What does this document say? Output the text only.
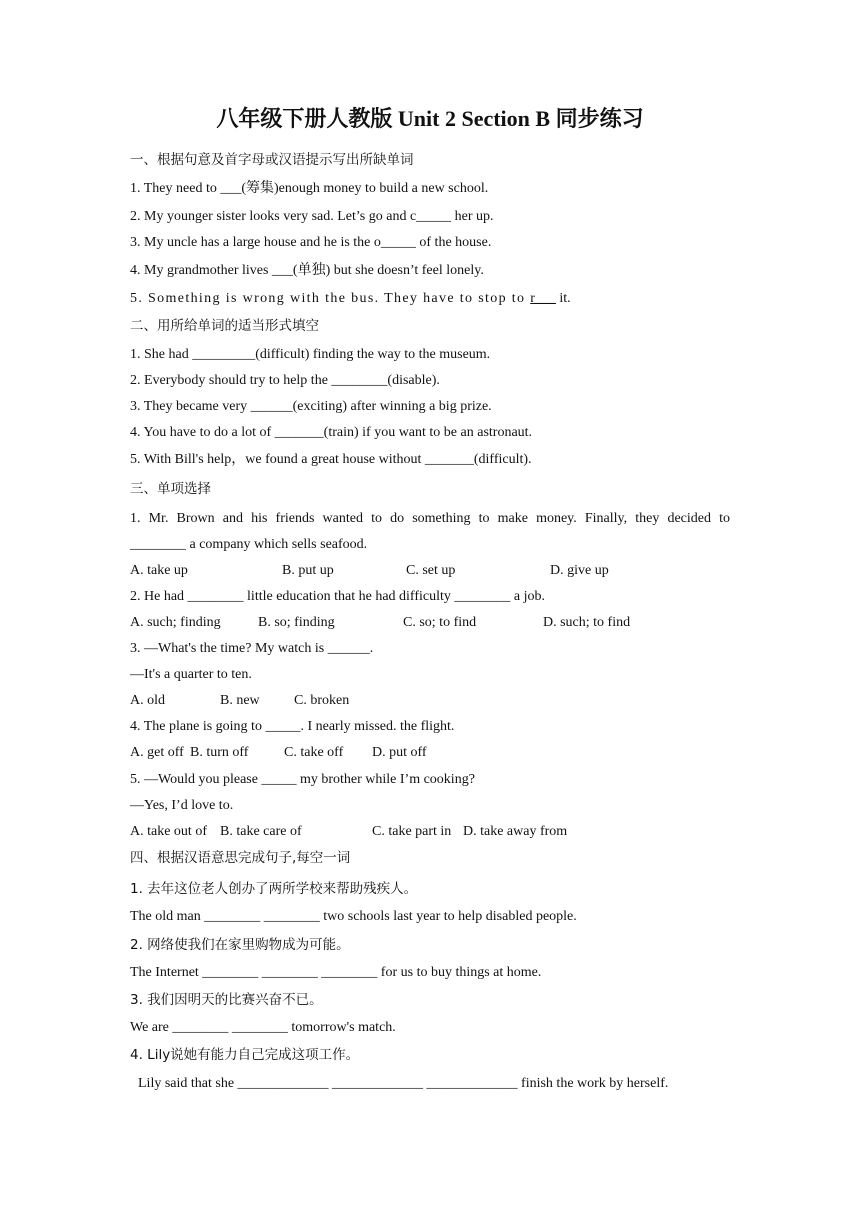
八年级下册人教版 Unit 2 Section B 同步练习
一、根据句意及首字母或汉语提示写出所缺单词
1. They need to ___(筹集)enough money to build a new school.
2. My younger sister looks very sad. Let’s go and c_____ her up.
3. My uncle has a large house and he is the o_____ of the house.
4. My grandmother lives ___(单独) but she doesn’t feel lonely.
5. Something is wrong with the bus. They have to stop to r___ it.
二、用所给单词的适当形式填空
1. She had _________(difficult) finding the way to the museum.
2. Everybody should try to help the ________(disable).
3. They became very ______(exciting) after winning a big prize.
4. You have to do a lot of _______(train) if you want to be an astronaut.
5. With Bill's help，we found a great house without _______(difficult).
三、单项选择
1. Mr. Brown and his friends wanted to do something to make money. Finally, they decided to
________ a company which sells seafood.
A. take up	B. put up	C. set up	D. give up
2. He had ________ little education that he had difficulty ________ a job.
A. such; finding	B. so; finding	C. so; to find	D. such; to find
3. —What's the time? My watch is ______.
—It's a quarter to ten.
A. old	B. new C. broken
4. The plane is going to _____. I nearly missed. the flight.
A. get off B. turn off	C. take off D. put off
5. —Would you please _____ my brother while I’m cooking?
—Yes, I’d love to.
A. take out of B. take care of	C. take part in D. take away from
四、根据汉语意思完成句子,每空一词
1. 去年这位老人创办了两所学校来帮助残疾人。
The old man ________ ________ two schools last year to help disabled people.
2. 网络使我们在家里购物成为可能。
The Internet ________ ________ ________ for us to buy things at home.
3. 我们因明天的比赛兴奋不已。
We are ________ ________ tomorrow's match.
4. Lily说她有能力自己完成这项工作。
Lily said that she _____________ _____________ _____________ finish the work by herself.
